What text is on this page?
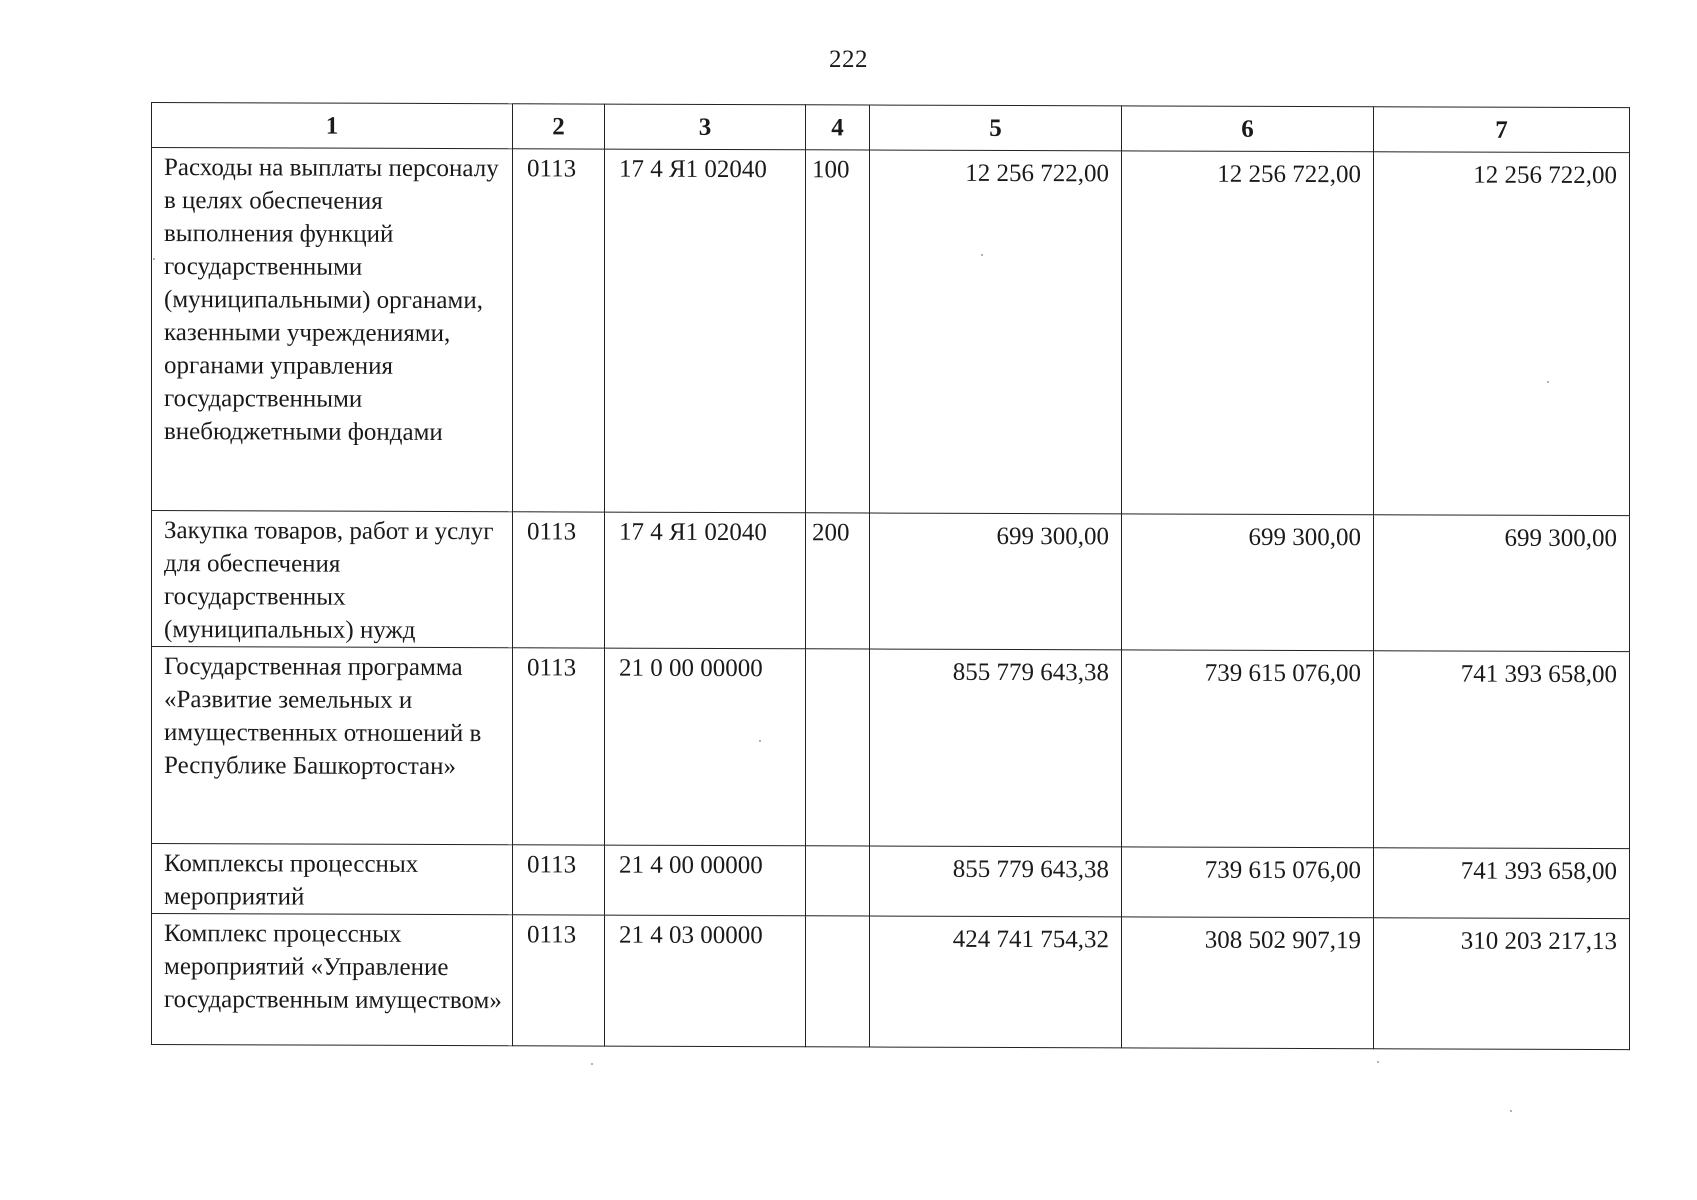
222
1	2	3	4	5	6	7
Расходы на выплаты персоналу в целях обеспечения выполнения функций государственными (муниципальными) органами, казенными учреждениями, органами управления государственными внебюджетными фондами	0113	17 4 Я1 02040	100	12 256 722,00	12 256 722,00	12 256 722,00
Закупка товаров, работ и услуг для обеспечения государственных (муниципальных) нужд	0113	17 4 Я1 02040	200	699 300,00	699 300,00	699 300,00
Государственная программа «Развитие земельных и имущественных отношений в Республике Башкортостан»	0113	21 0 00 00000		855 779 643,38	739 615 076,00	741 393 658,00
Комплексы процессных мероприятий	0113	21 4 00 00000		855 779 643,38	739 615 076,00	741 393 658,00
Комплекс процессных мероприятий «Управление государственным имуществом»	0113	21 4 03 00000		424 741 754,32	308 502 907,19	310 203 217,13
